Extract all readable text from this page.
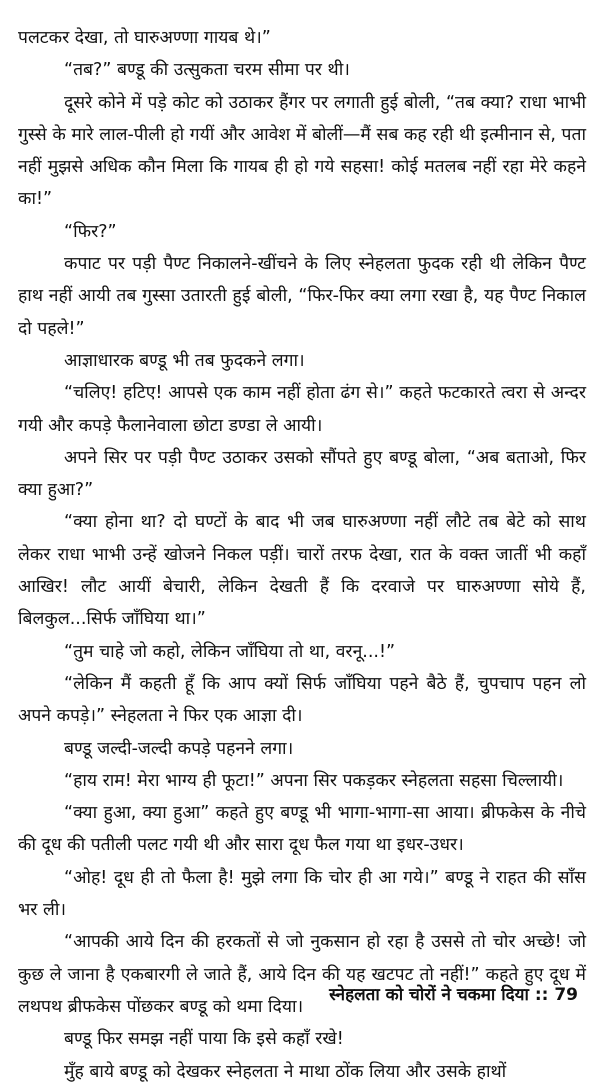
पलटकर देखा, तो घारुअण्णा गायब थे।”

“तब?” बण्डू की उत्सुकता चरम सीमा पर थी।

दूसरे कोने में पड़े कोट को उठाकर हैंगर पर लगाती हुई बोली, “तब क्या? राधा भाभी गुस्से के मारे लाल-पीली हो गयीं और आवेश में बोलीं—मैं सब कह रही थी इत्मीनान से, पता नहीं मुझसे अधिक कौन मिला कि गायब ही हो गये सहसा! कोई मतलब नहीं रहा मेरे कहने का!”

“फिर?”

कपाट पर पड़ी पैण्ट निकालने-खींचने के लिए स्नेहलता फुदक रही थी लेकिन पैण्ट हाथ नहीं आयी तब गुस्सा उतारती हुई बोली, “फिर-फिर क्या लगा रखा है, यह पैण्ट निकाल दो पहले!”

आज्ञाधारक बण्डू भी तब फुदकने लगा।

“चलिए! हटिए! आपसे एक काम नहीं होता ढंग से।” कहते फटकारते त्वरा से अन्दर गयी और कपड़े फैलानेवाला छोटा डण्डा ले आयी।

अपने सिर पर पड़ी पैण्ट उठाकर उसको सौंपते हुए बण्डू बोला, “अब बताओ, फिर क्या हुआ?”

“क्या होना था? दो घण्टों के बाद भी जब घारुअण्णा नहीं लौटे तब बेटे को साथ लेकर राधा भाभी उन्हें खोजने निकल पड़ीं। चारों तरफ देखा, रात के वक्त जातीं भी कहाँ आखिर! लौट आयीं बेचारी, लेकिन देखती हैं कि दरवाजे पर घारुअण्णा सोये हैं, बिलकुल...सिर्फ जाँघिया था।”

“तुम चाहे जो कहो, लेकिन जाँघिया तो था, वरनू...!”

“लेकिन मैं कहती हूँ कि आप क्यों सिर्फ जाँघिया पहने बैठे हैं, चुपचाप पहन लो अपने कपड़े।” स्नेहलता ने फिर एक आज्ञा दी।

बण्डू जल्दी-जल्दी कपड़े पहनने लगा।

“हाय राम! मेरा भाग्य ही फूटा!” अपना सिर पकड़कर स्नेहलता सहसा चिल्लायी।

“क्या हुआ, क्या हुआ” कहते हुए बण्डू भी भागा-भागा-सा आया। ब्रीफकेस के नीचे की दूध की पतीली पलट गयी थी और सारा दूध फैल गया था इधर-उधर।

“ओह! दूध ही तो फैला है! मुझे लगा कि चोर ही आ गये।” बण्डू ने राहत की साँस भर ली।

“आपकी आये दिन की हरकतों से जो नुकसान हो रहा है उससे तो चोर अच्छे! जो कुछ ले जाना है एकबारगी ले जाते हैं, आये दिन की यह खटपट तो नहीं!” कहते हुए दूध में लथपथ ब्रीफकेस पोंछकर बण्डू को थमा दिया।

बण्डू फिर समझ नहीं पाया कि इसे कहाँ रखे!

मुँह बाये बण्डू को देखकर स्नेहलता ने माथा ठोंक लिया और उसके हाथों

स्नेहलता को चोरों ने चकमा दिया :: 79
